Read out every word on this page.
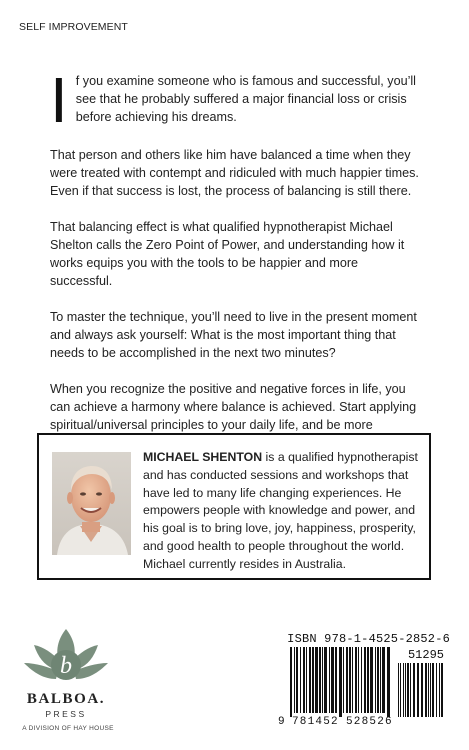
SELF IMPROVEMENT

If you examine someone who is famous and successful, you’ll see that he probably suffered a major financial loss or crisis before achieving his dreams.

That person and others like him have balanced a time when they were treated with contempt and ridiculed with much happier times. Even if that success is lost, the process of balancing is still there.

That balancing effect is what qualified hypnotherapist Michael Shelton calls the Zero Point of Power, and understanding how it works equips you with the tools to be happier and more successful.

To master the technique, you’ll need to live in the present moment and always ask yourself: What is the most important thing that needs to be accomplished in the next two minutes?

When you recognize the positive and negative forces in life, you can achieve a harmony where balance is achieved. Start applying spiritual/universal principles to your daily life, and be more

MICHAEL SHENTON is a qualified hypnotherapist and has conducted sessions and workshops that have led to many life changing experiences. He empowers people with knowledge and power, and his goal is to bring love, joy, happiness, prosperity, and good health to people throughout the world. Michael currently resides in Australia.
b
BALBOA.
PRESS
A DIVISION OF HAY HOUSE
ISBN 978-1-4525-2852-6
9 781452 528526
51295
